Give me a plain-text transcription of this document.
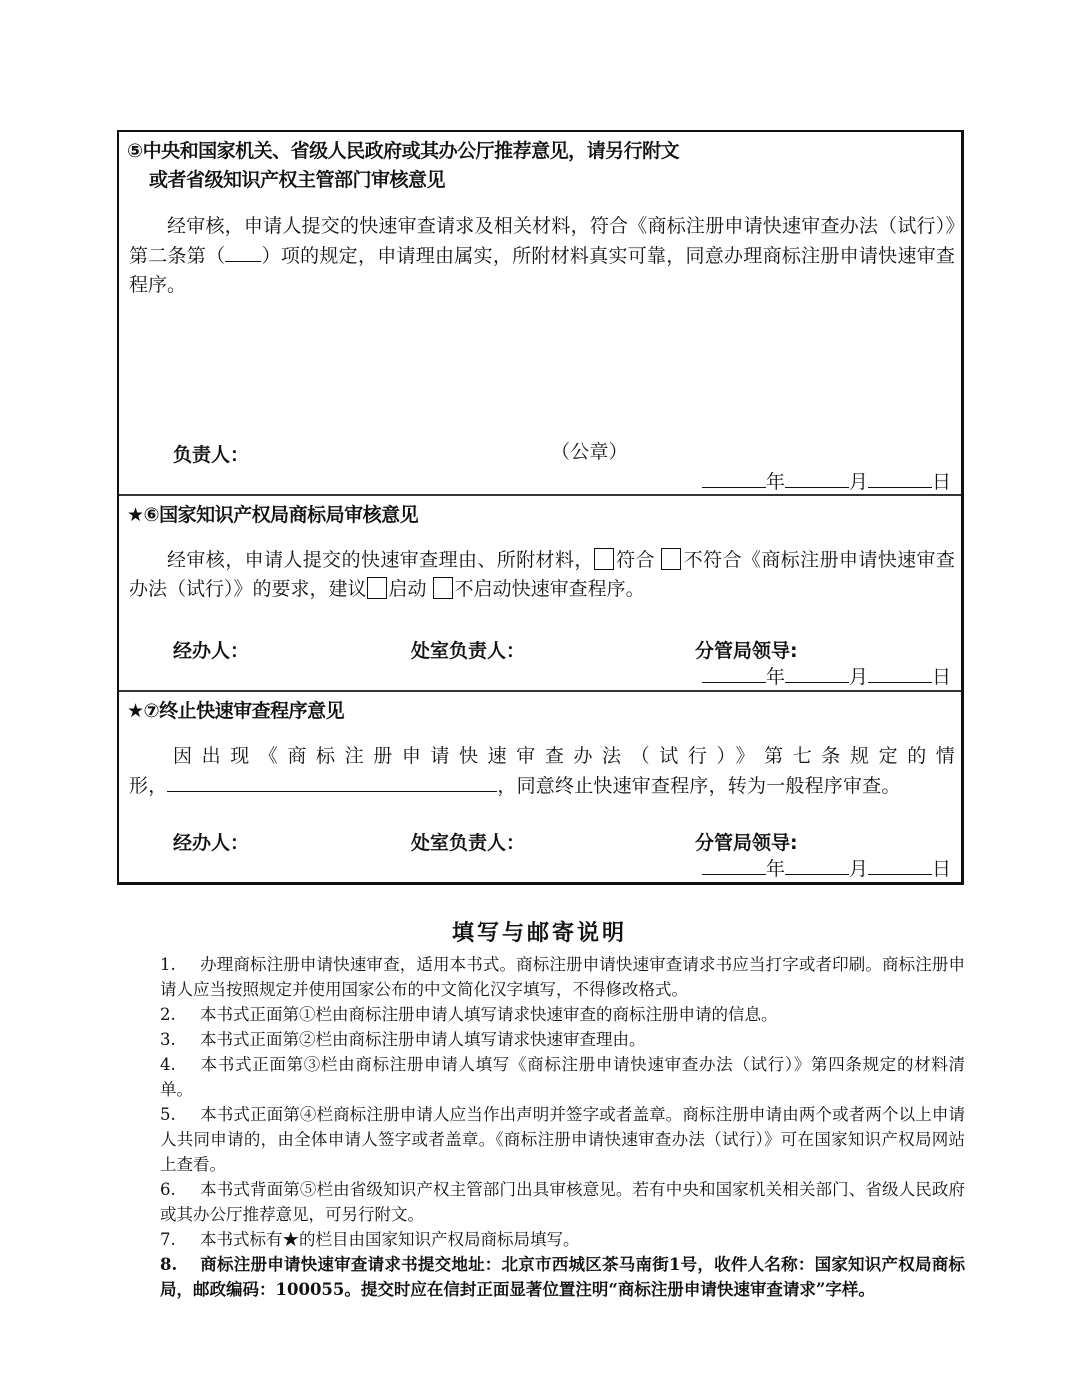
⑤中央和国家机关、省级人民政府或其办公厅推荐意见，请另行附文
或者省级知识产权主管部门审核意见
经审核，申请人提交的快速审查请求及相关材料，符合《商标注册申请快速审查办法（试行）》第二条第（ ）项的规定，申请理由属实，所附材料真实可靠，同意办理商标注册申请快速审查程序。
负责人：	（公章）
年	月	日
★⑥国家知识产权局商标局审核意见
经审核，申请人提交的快速审查理由、所附材料， 符合 不符合《商标注册申请快速审查办法（试行）》的要求，建议 启动 不启动快速审查程序。
经办人：	处室负责人：	分管局领导:
年	月	日
★⑦终止快速审查程序意见
因出现《商标注册申请快速审查办法（试行）》第七条规定的情
形，	，同意终止快速审查程序，转为一般程序审查。
经办人：	处室负责人：	分管局领导:
年	月	日
填写与邮寄说明

1. 办理商标注册申请快速审查，适用本书式。商标注册申请快速审查请求书应当打字或者印刷。商标注册申请人应当按照规定并使用国家公布的中文简化汉字填写，不得修改格式。

2. 本书式正面第①栏由商标注册申请人填写请求快速审查的商标注册申请的信息。

3. 本书式正面第②栏由商标注册申请人填写请求快速审查理由。

4. 本书式正面第③栏由商标注册申请人填写《商标注册申请快速审查办法（试行）》第四条规定的材料清单。

5. 本书式正面第④栏商标注册申请人应当作出声明并签字或者盖章。商标注册申请由两个或者两个以上申请人共同申请的，由全体申请人签字或者盖章。《商标注册申请快速审查办法（试行）》可在国家知识产权局网站上查看。

6. 本书式背面第⑤栏由省级知识产权主管部门出具审核意见。若有中央和国家机关相关部门、省级人民政府或其办公厅推荐意见，可另行附文。

7. 本书式标有★的栏目由国家知识产权局商标局填写。

8. 商标注册申请快速审查请求书提交地址：北京市西城区茶马南街1号，收件人名称：国家知识产权局商标局，邮政编码：100055。提交时应在信封正面显著位置注明“商标注册申请快速审查请求”字样。
